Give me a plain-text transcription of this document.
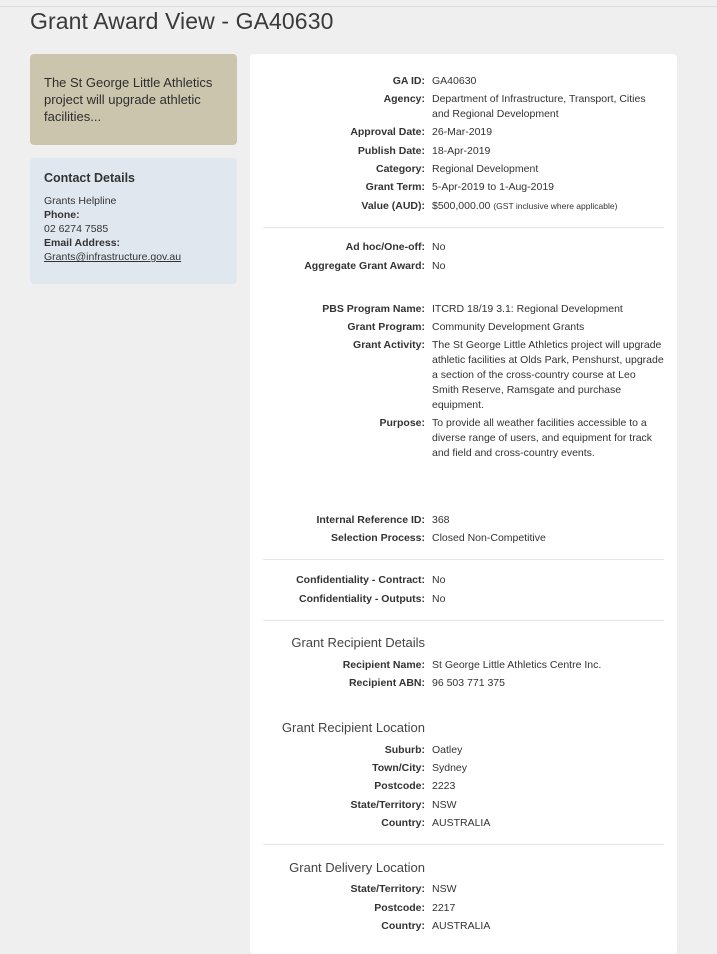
Grant Award View - GA40630
The St George Little Athletics project will upgrade athletic facilities...
Contact Details
Grants Helpline
Phone:
02 6274 7585
Email Address:
Grants@infrastructure.gov.au
GA ID: GA40630
Agency: Department of Infrastructure, Transport, Cities and Regional Development
Approval Date: 26-Mar-2019
Publish Date: 18-Apr-2019
Category: Regional Development
Grant Term: 5-Apr-2019 to 1-Aug-2019
Value (AUD): $500,000.00 (GST inclusive where applicable)
Ad hoc/One-off: No
Aggregate Grant Award: No
PBS Program Name: ITCRD 18/19 3.1: Regional Development
Grant Program: Community Development Grants
Grant Activity: The St George Little Athletics project will upgrade athletic facilities at Olds Park, Penshurst, upgrade a section of the cross-country course at Leo Smith Reserve, Ramsgate and purchase equipment.
Purpose: To provide all weather facilities accessible to a diverse range of users, and equipment for track and field and cross-country events.
Internal Reference ID: 368
Selection Process: Closed Non-Competitive
Confidentiality - Contract: No
Confidentiality - Outputs: No
Grant Recipient Details
Recipient Name: St George Little Athletics Centre Inc.
Recipient ABN: 96 503 771 375
Grant Recipient Location
Suburb: Oatley
Town/City: Sydney
Postcode: 2223
State/Territory: NSW
Country: AUSTRALIA
Grant Delivery Location
State/Territory: NSW
Postcode: 2217
Country: AUSTRALIA
